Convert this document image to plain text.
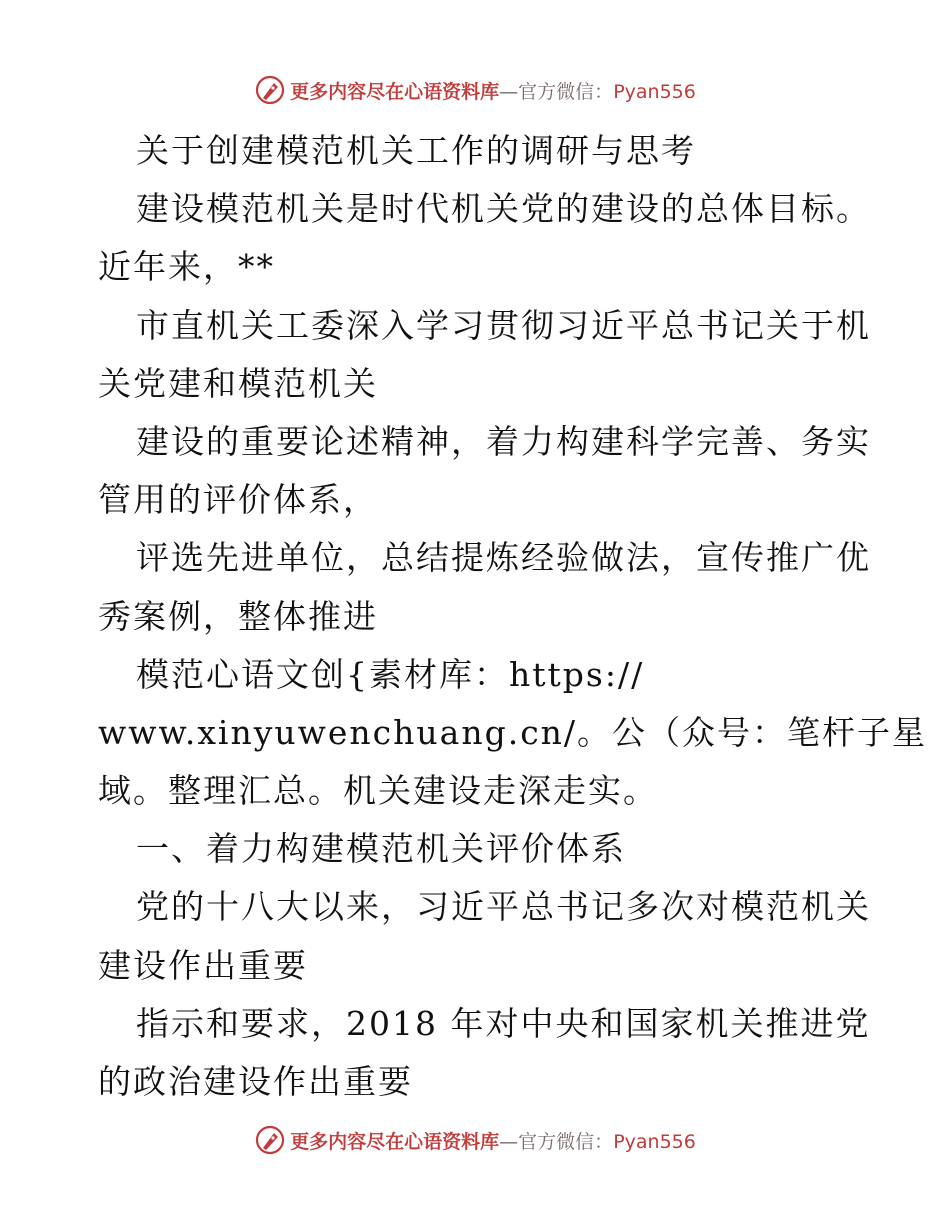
更多内容尽在心语资料库—官方微信：Pyan556
关于创建模范机关工作的调研与思考
建设模范机关是时代机关党的建设的总体目标。
近年来，**
市直机关工委深入学习贯彻习近平总书记关于机
关党建和模范机关
建设的重要论述精神，着力构建科学完善、务实
管用的评价体系，
评选先进单位，总结提炼经验做法，宣传推广优
秀案例，整体推进
模范心语文创{素材库：https://
www.xinyuwenchuang.cn/。公（众号：笔杆子星
域。整理汇总。机关建设走深走实。
一、着力构建模范机关评价体系
党的十八大以来，习近平总书记多次对模范机关
建设作出重要
指示和要求，2018 年对中央和国家机关推进党
的政治建设作出重要
更多内容尽在心语资料库—官方微信：Pyan556
